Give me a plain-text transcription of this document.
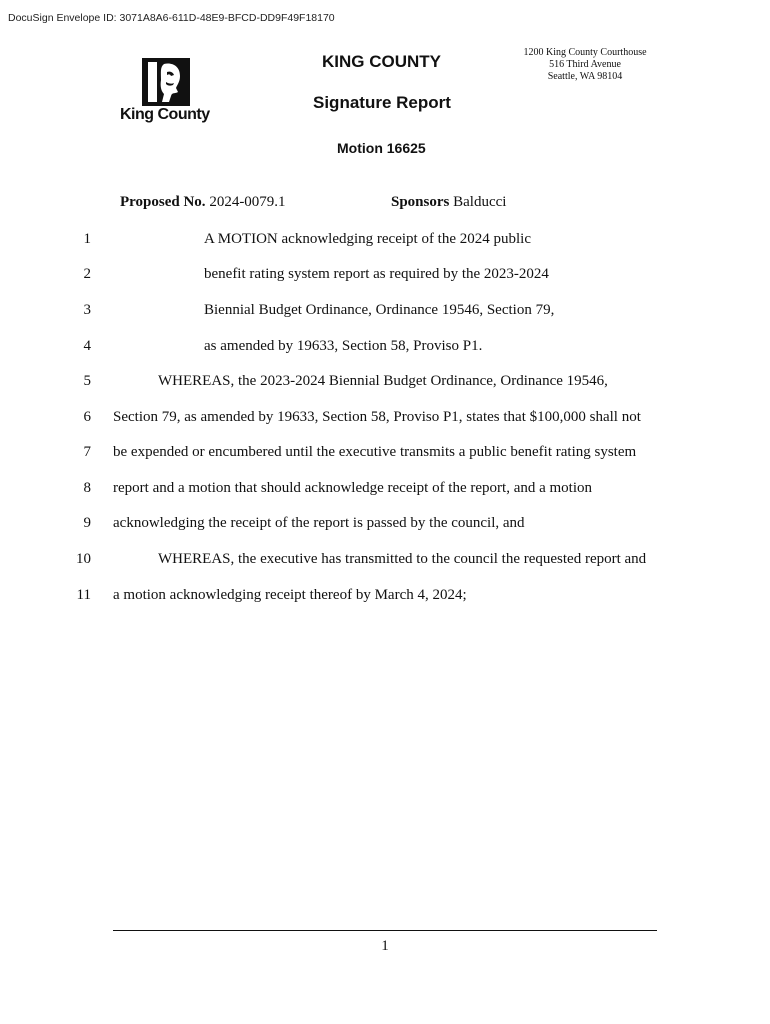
DocuSign Envelope ID: 3071A8A6-611D-48E9-BFCD-DD9F49F18170
King County
KING COUNTY	1200 King County Courthouse
516 Third Avenue
Seattle, WA 98104
Signature Report
Motion 16625
Proposed No. 2024-0079.1	Sponsors Balducci
1	A MOTION acknowledging receipt of the 2024 public
2	benefit rating system report as required by the 2023-2024
3	Biennial Budget Ordinance, Ordinance 19546, Section 79,
4	as amended by 19633, Section 58, Proviso P1.
5	WHEREAS, the 2023-2024 Biennial Budget Ordinance, Ordinance 19546,
6 Section 79, as amended by 19633, Section 58, Proviso P1, states that $100,000 shall not
7 be expended or encumbered until the executive transmits a public benefit rating system
8 report and a motion that should acknowledge receipt of the report, and a motion
9 acknowledging the receipt of the report is passed by the council, and
10	WHEREAS, the executive has transmitted to the council the requested report and
11 a motion acknowledging receipt thereof by March 4, 2024;
1
